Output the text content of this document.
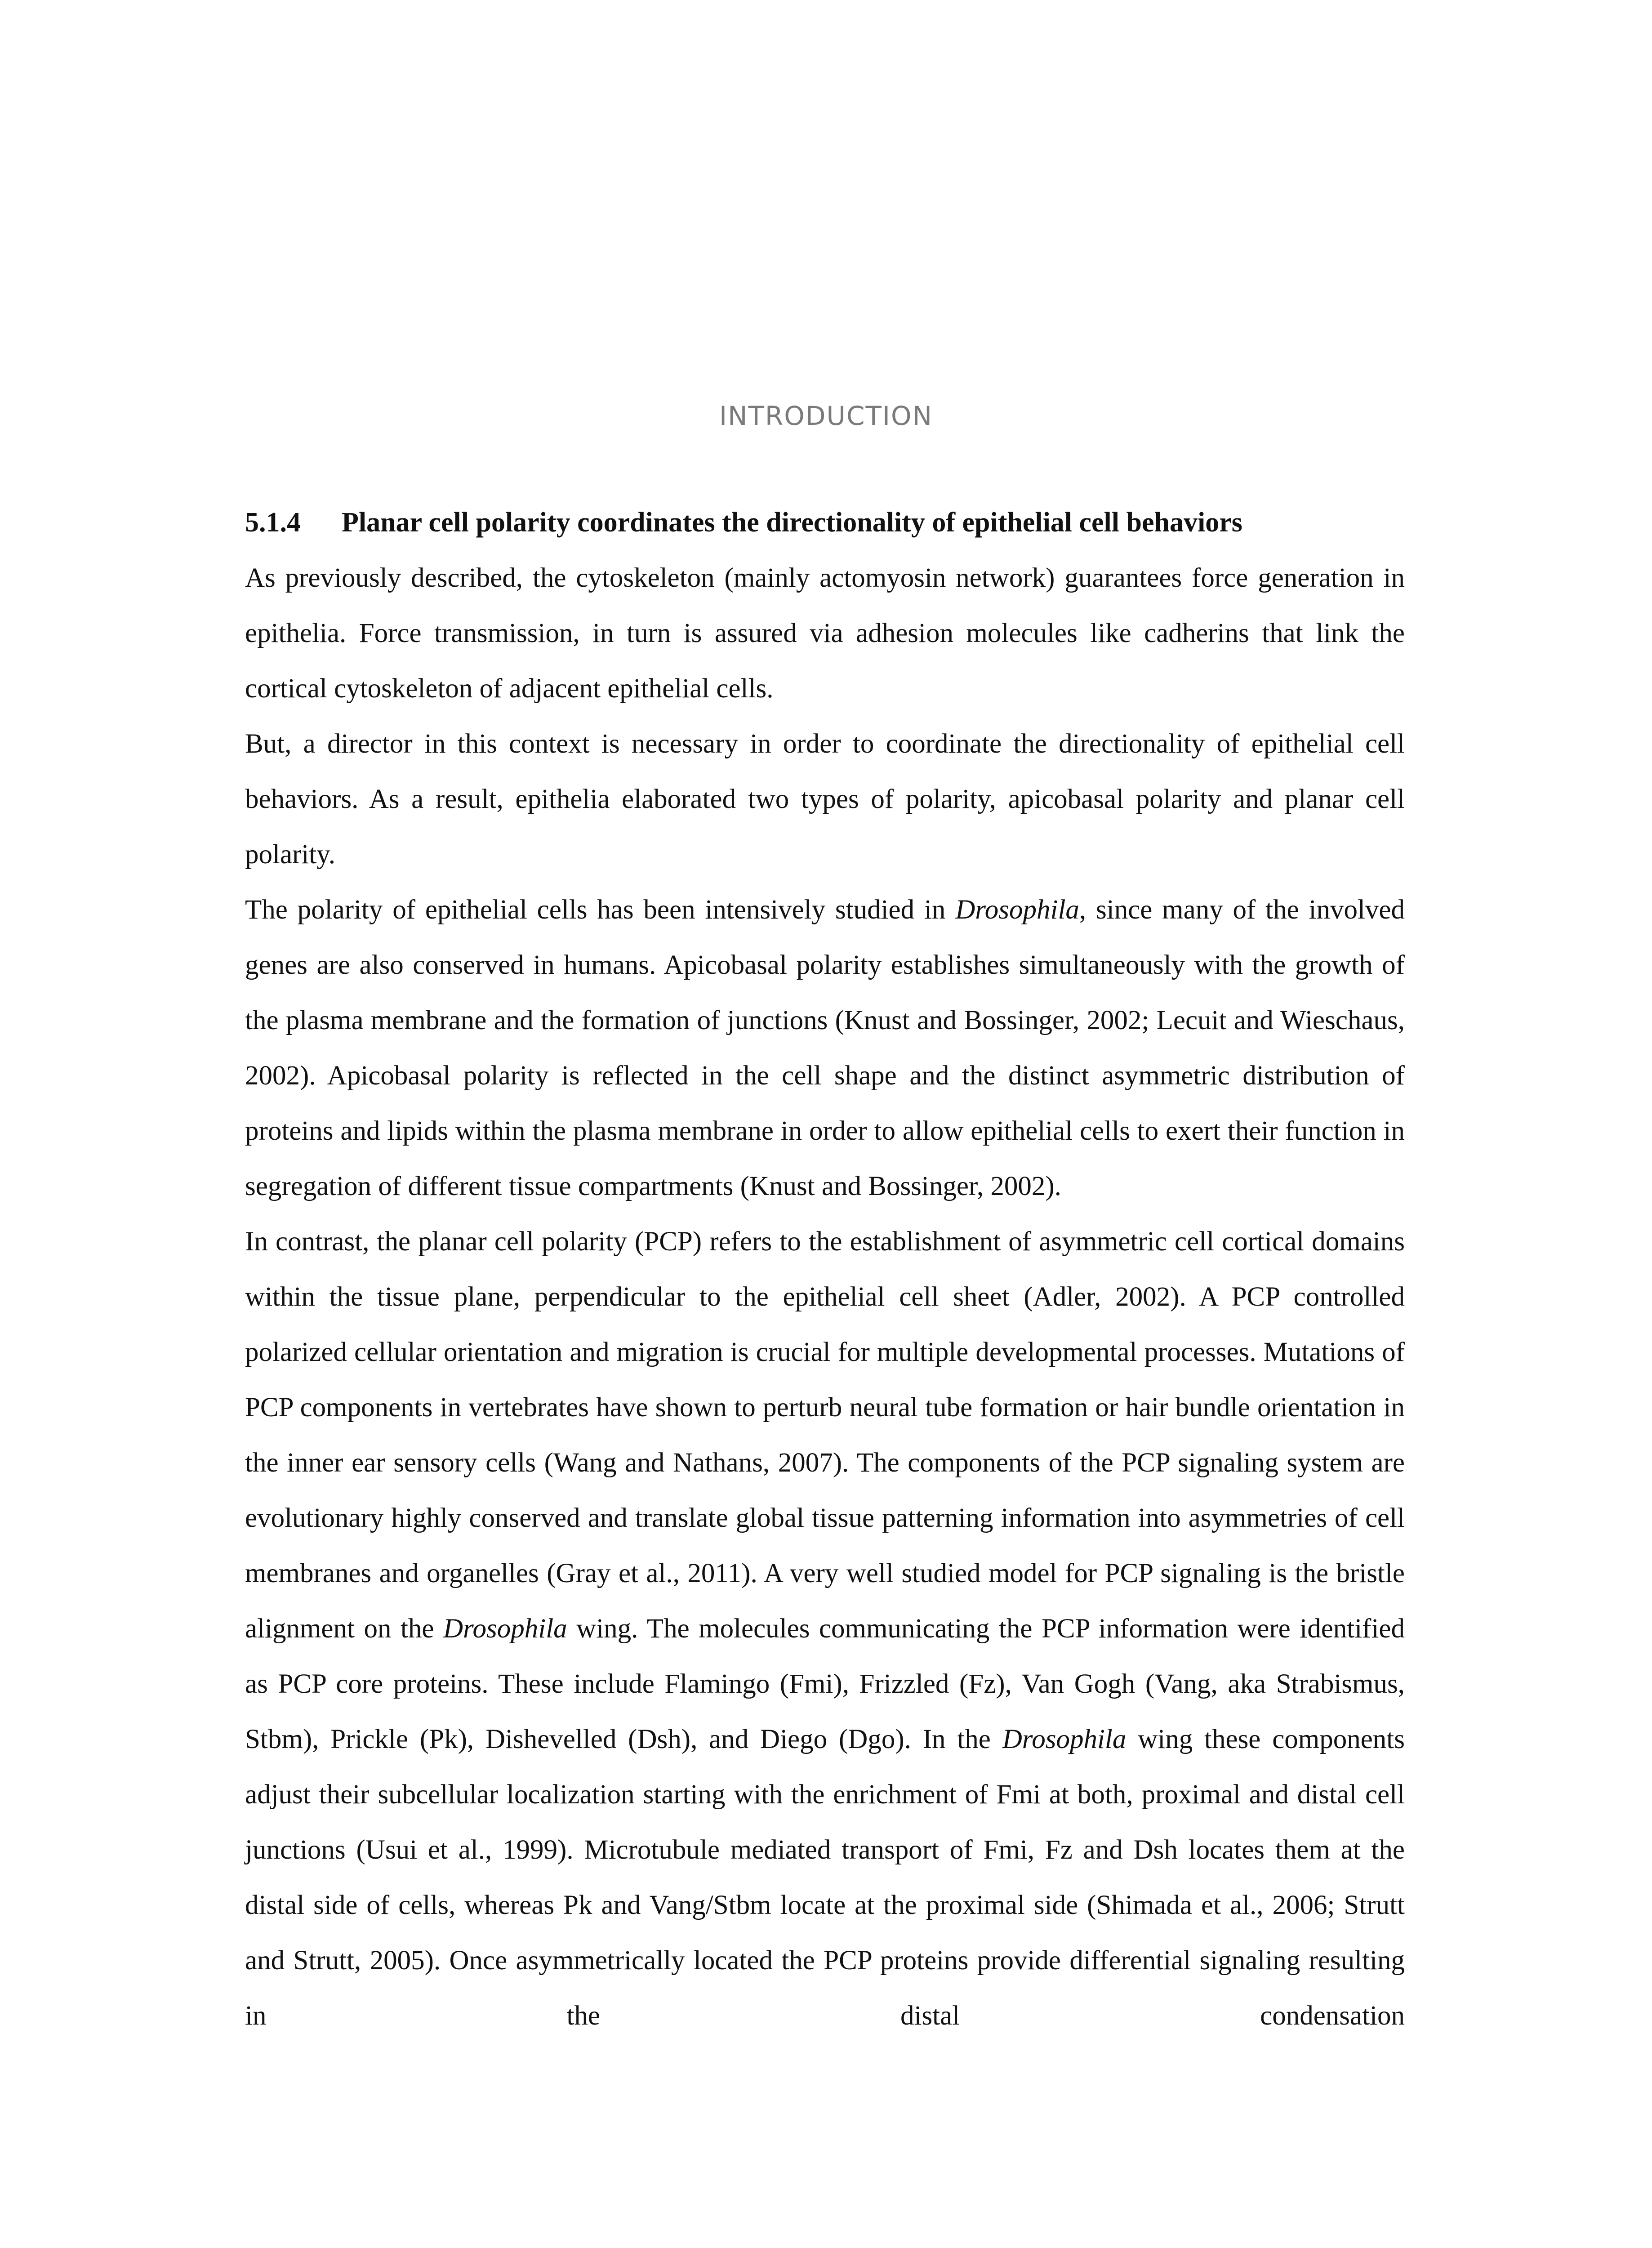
INTRODUCTION

5.1.4 Planar cell polarity coordinates the directionality of epithelial cell behaviors

As previously described, the cytoskeleton (mainly actomyosin network) guarantees force generation in epithelia. Force transmission, in turn is assured via adhesion molecules like cadherins that link the cortical cytoskeleton of adjacent epithelial cells.

But, a director in this context is necessary in order to coordinate the directionality of epithelial cell behaviors. As a result, epithelia elaborated two types of polarity, apicobasal polarity and planar cell polarity.

The polarity of epithelial cells has been intensively studied in Drosophila, since many of the involved genes are also conserved in humans. Apicobasal polarity establishes simultaneously with the growth of the plasma membrane and the formation of junctions (Knust and Bossinger, 2002; Lecuit and Wieschaus, 2002). Apicobasal polarity is reflected in the cell shape and the distinct asymmetric distribution of proteins and lipids within the plasma membrane in order to allow epithelial cells to exert their function in segregation of different tissue compartments (Knust and Bossinger, 2002).

In contrast, the planar cell polarity (PCP) refers to the establishment of asymmetric cell cortical domains within the tissue plane, perpendicular to the epithelial cell sheet (Adler, 2002). A PCP controlled polarized cellular orientation and migration is crucial for multiple developmental processes. Mutations of PCP components in vertebrates have shown to perturb neural tube formation or hair bundle orientation in the inner ear sensory cells (Wang and Nathans, 2007). The components of the PCP signaling system are evolutionary highly conserved and translate global tissue patterning information into asymmetries of cell membranes and organelles (Gray et al., 2011). A very well studied model for PCP signaling is the bristle alignment on the Drosophila wing. The molecules communicating the PCP information were identified as PCP core proteins. These include Flamingo (Fmi), Frizzled (Fz), Van Gogh (Vang, aka Strabismus, Stbm), Prickle (Pk), Dishevelled (Dsh), and Diego (Dgo). In the Drosophila wing these components adjust their subcellular localization starting with the enrichment of Fmi at both, proximal and distal cell junctions (Usui et al., 1999). Microtubule mediated transport of Fmi, Fz and Dsh locates them at the distal side of cells, whereas Pk and Vang/Stbm locate at the proximal side (Shimada et al., 2006; Strutt and Strutt, 2005). Once asymmetrically located the PCP proteins provide differential signaling resulting in the distal condensation
